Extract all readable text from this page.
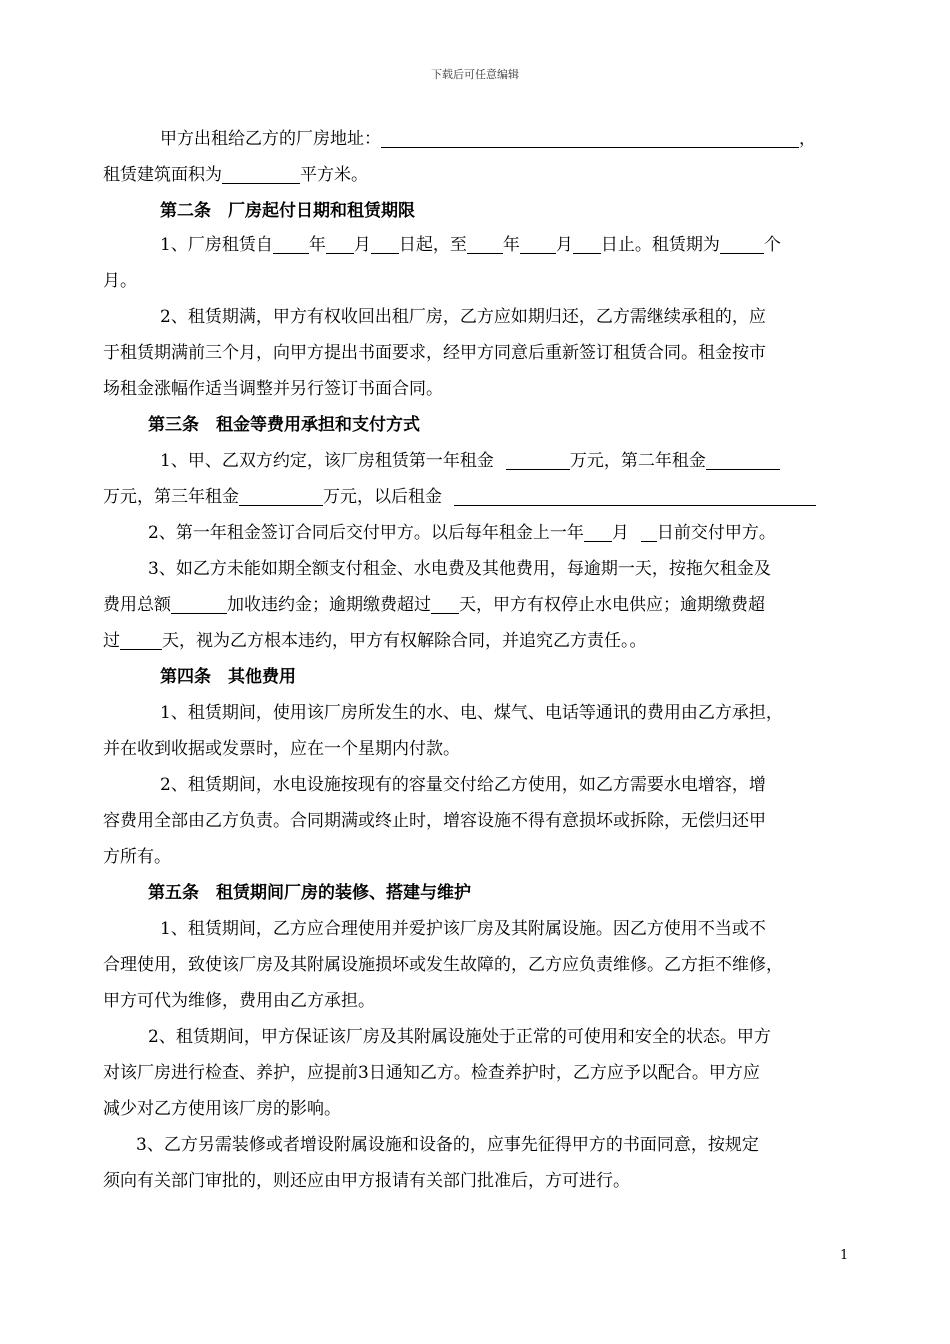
下载后可任意编辑
甲方出租给乙方的厂房地址：	，
租赁建筑面积为	平方米。
第二条　厂房起付日期和租赁期限
1、厂房租赁自 年 月 日起，至 年 月 日止。租赁期为	个
月。
2、租赁期满，甲方有权收回出租厂房，乙方应如期归还，乙方需继续承租的，应
于租赁期满前三个月，向甲方提出书面要求，经甲方同意后重新签订租赁合同。租金按市
场租金涨幅作适当调整并另行签订书面合同。
第三条　租金等费用承担和支付方式
1、甲、乙双方约定，该厂房租赁第一年租金	万元，第二年租金
万元，第三年租金	万元，以后租金
2、第一年租金签订合同后交付甲方。以后每年租金上一年 月 日前交付甲方。
3、如乙方未能如期全额支付租金、水电费及其他费用，每逾期一天，按拖欠租金及
费用总额	加收违约金；逾期缴费超过 天，甲方有权停止水电供应；逾期缴费超
过 天，视为乙方根本违约，甲方有权解除合同，并追究乙方责任。。
第四条　其他费用
1、租赁期间，使用该厂房所发生的水、电、煤气、电话等通讯的费用由乙方承担，
并在收到收据或发票时，应在一个星期内付款。
2、租赁期间，水电设施按现有的容量交付给乙方使用，如乙方需要水电增容，增
容费用全部由乙方负责。合同期满或终止时，增容设施不得有意损坏或拆除，无偿归还甲
方所有。
第五条　租赁期间厂房的装修、搭建与维护
1、租赁期间，乙方应合理使用并爱护该厂房及其附属设施。因乙方使用不当或不
合理使用，致使该厂房及其附属设施损坏或发生故障的，乙方应负责维修。乙方拒不维修，
甲方可代为维修，费用由乙方承担。
2、租赁期间，甲方保证该厂房及其附属设施处于正常的可使用和安全的状态。甲方
对该厂房进行检查、养护，应提前3日通知乙方。检查养护时，乙方应予以配合。甲方应
减少对乙方使用该厂房的影响。
3、乙方另需装修或者增设附属设施和设备的，应事先征得甲方的书面同意，按规定
须向有关部门审批的，则还应由甲方报请有关部门批准后，方可进行。
1
